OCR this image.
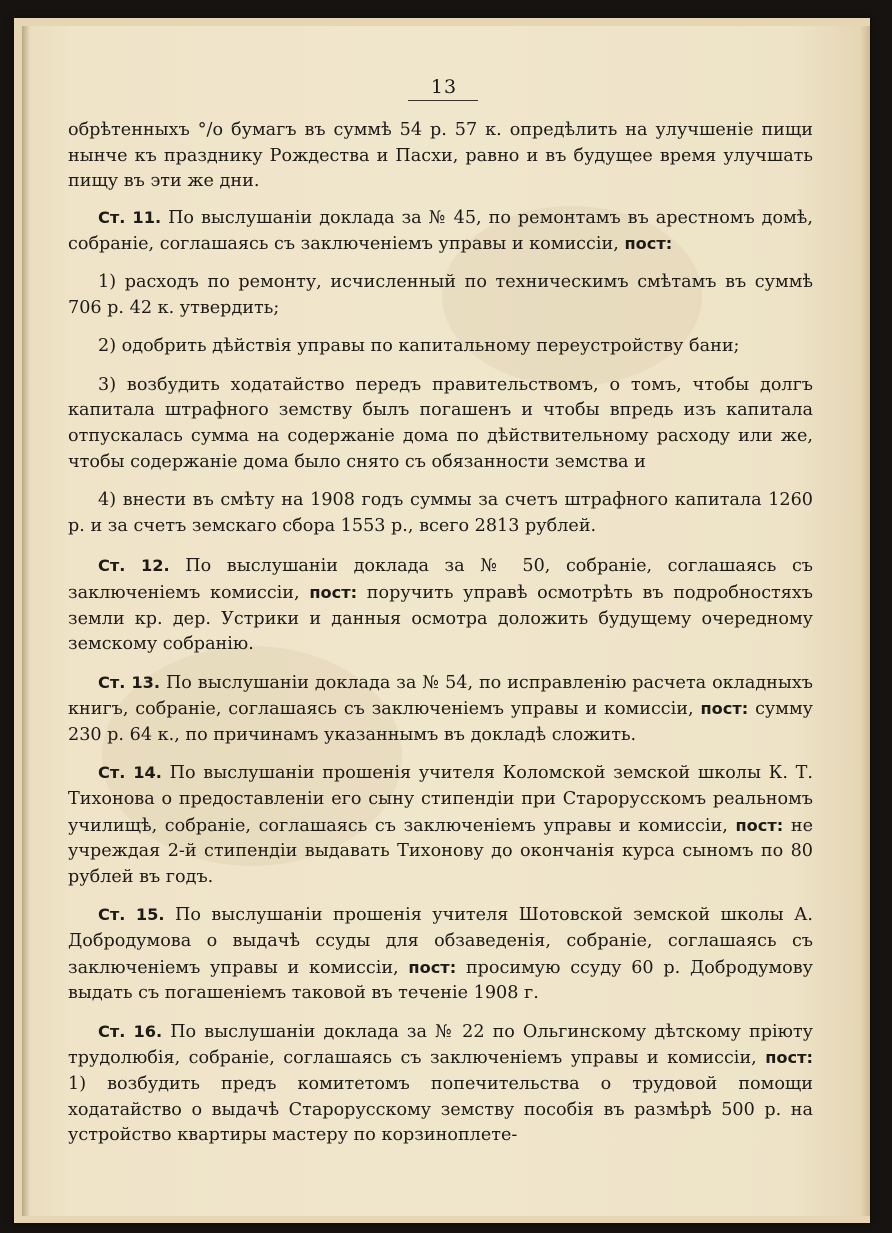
13

обрѣтенныхъ °/о бумагъ въ суммѣ 54 р. 57 к. опредѣлить на улучшеніе пищи нынче къ празднику Рождества и Пасхи, равно и въ будущее время улучшать пищу въ эти же дни.

Ст. 11. По выслушаніи доклада за № 45, по ремонтамъ въ арестномъ домѣ, собраніе, соглашаясь съ заключеніемъ управы и комиссіи, пост:

1) расходъ по ремонту, исчисленный по техническимъ смѣтамъ въ суммѣ 706 р. 42 к. утвердить;

2) одобрить дѣйствія управы по капитальному переустройству бани;

3) возбудить ходатайство передъ правительствомъ, о томъ, чтобы долгъ капитала штрафного земству былъ погашенъ и чтобы впредь изъ капитала отпускалась сумма на содержаніе дома по дѣйствительному расходу или же, чтобы содержаніе дома было снято съ обязанности земства и

4) внести въ смѣту на 1908 годъ суммы за счетъ штрафного капитала 1260 р. и за счетъ земскаго сбора 1553 р., всего 2813 рублей.

Ст. 12. По выслушаніи доклада за № 50, собраніе, соглашаясь съ заключеніемъ комиссіи, пост: поручить управѣ осмотрѣть въ подробностяхъ земли кр. дер. Устрики и данныя осмотра доложить будущему очередному земскому собранію.

Ст. 13. По выслушаніи доклада за № 54, по исправленію расчета окладныхъ книгъ, собраніе, соглашаясь съ заключеніемъ управы и комиссіи, пост: сумму 230 р. 64 к., по причинамъ указаннымъ въ докладѣ сложить.

Ст. 14. По выслушаніи прошенія учителя Коломской земской школы К. Т. Тихонова о предоставленіи его сыну стипендіи при Старорусскомъ реальномъ училищѣ, собраніе, соглашаясь съ заключеніемъ управы и комиссіи, пост: не учреждая 2-й стипендіи выдавать Тихонову до окончанія курса сыномъ по 80 рублей въ годъ.

Ст. 15. По выслушаніи прошенія учителя Шотовской земской школы А. Добродумова о выдачѣ ссуды для обзаведенія, собраніе, соглашаясь съ заключеніемъ управы и комиссіи, пост: просимую ссуду 60 р. Добродумову выдать съ погашеніемъ таковой въ теченіе 1908 г.

Ст. 16. По выслушаніи доклада за № 22 по Ольгинскому дѣтскому пріюту трудолюбія, собраніе, соглашаясь съ заключеніемъ управы и комиссіи, пост: 1) возбудить предъ комитетомъ попечительства о трудовой помощи ходатайство о выдачѣ Старорусскому земству пособія въ размѣрѣ 500 р. на устройство квартиры мастеру по корзиноплете-
